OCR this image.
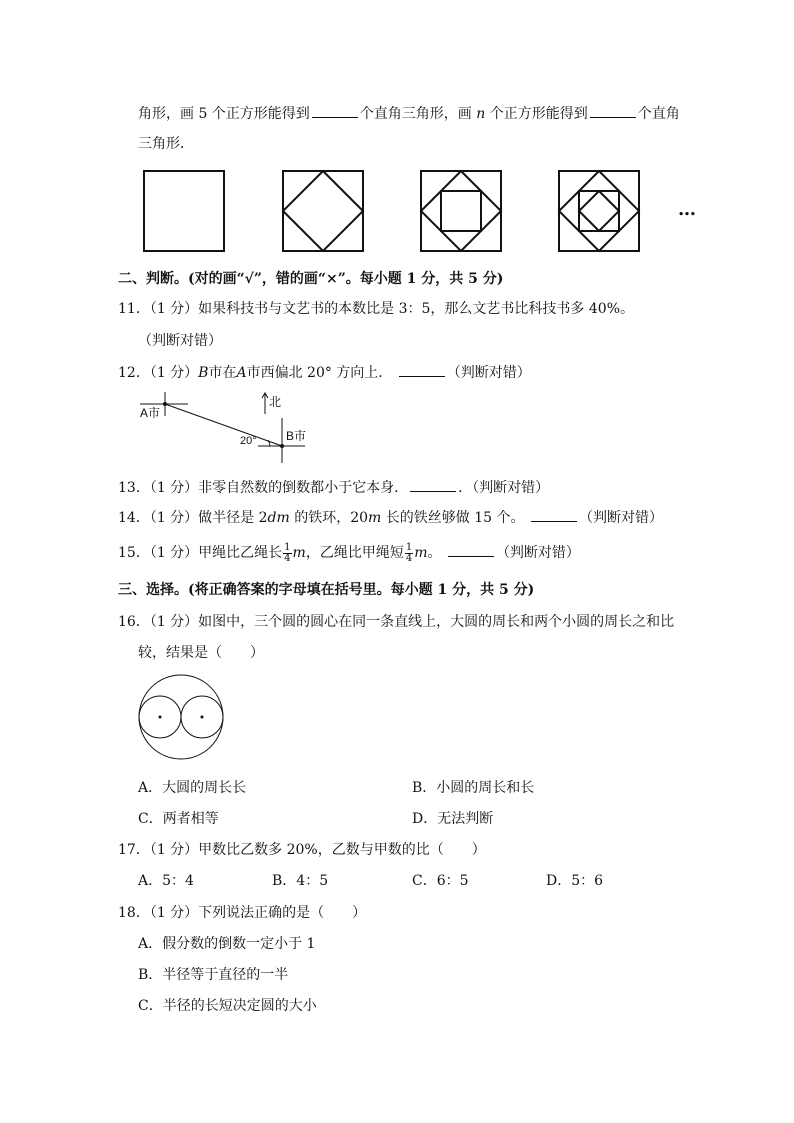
角形，画 5 个正方形能得到	个直角三角形，画 n 个正方形能得到	个直角
三角形．
…
二、判断。(对的画“√”，错的画“×”。每小题 1 分，共 5 分)
11．（1 分）如果科技书与文艺书的本数比是 3：5，那么文艺书比科技书多 40%。
（判断对错）
12．（1 分）B市在A市西偏北 20° 方向上．	（判断对错）
A市
B市
北
20°
13．（1 分）非零自然数的倒数都小于它本身．	．（判断对错）
14．（1 分）做半径是 2dm 的铁环，20m 长的铁丝够做 15 个。	（判断对错）
15．（1 分）甲绳比乙绳长 $\frac{1}{4}$ m，乙绳比甲绳短 $\frac{1}{4}$ m。	（判断对错）
三、选择。(将正确答案的字母填在括号里。每小题 1 分，共 5 分)
16．（1 分）如图中，三个圆的圆心在同一条直线上，大圆的周长和两个小圆的周长之和比
较，结果是（　　）
A．大圆的周长长	B．小圆的周长和长
C．两者相等	D．无法判断
17．（1 分）甲数比乙数多 20%，乙数与甲数的比（　　）
A．5：4	B．4：5	C．6：5	D．5：6
18．（1 分）下列说法正确的是（　　）
A．假分数的倒数一定小于 1
B．半径等于直径的一半
C．半径的长短决定圆的大小
